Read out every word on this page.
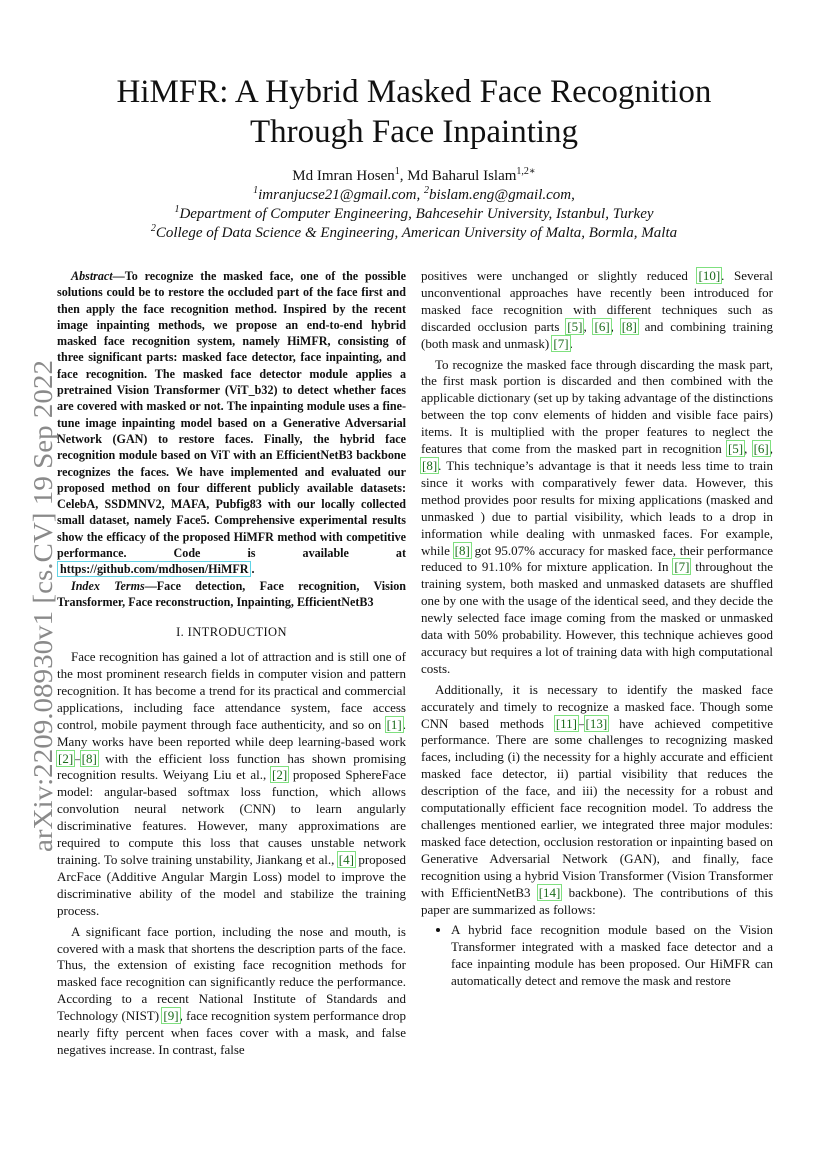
arXiv:2209.08930v1 [cs.CV] 19 Sep 2022
HiMFR: A Hybrid Masked Face Recognition
Through Face Inpainting
Md Imran Hosen$^1$, Md Baharul Islam$^{1,2∗}$
$^1$imranjucse21@gmail.com, $^2$bislam.eng@gmail.com,
$^1$Department of Computer Engineering, Bahcesehir University, Istanbul, Turkey
$^2$College of Data Science & Engineering, American University of Malta, Bormla, Malta

Abstract—To recognize the masked face, one of the possible solutions could be to restore the occluded part of the face first and then apply the face recognition method. Inspired by the recent image inpainting methods, we propose an end-to-end hybrid masked face recognition system, namely HiMFR, consisting of three significant parts: masked face detector, face inpainting, and face recognition. The masked face detector module applies a pretrained Vision Transformer (ViT_b32) to detect whether faces are covered with masked or not. The inpainting module uses a fine-tune image inpainting model based on a Generative Adversarial Network (GAN) to restore faces. Finally, the hybrid face recognition module based on ViT with an EfficientNetB3 backbone recognizes the faces. We have implemented and evaluated our proposed method on four different publicly available datasets: CelebA, SSDMNV2, MAFA, Pubfig83 with our locally collected small dataset, namely Face5. Comprehensive experimental results show the efficacy of the proposed HiMFR method with competitive performance. Code is available at https://github.com/mdhosen/HiMFR .

Index Terms—Face detection, Face recognition, Vision Transformer, Face reconstruction, Inpainting, EfficientNetB3

I. INTRODUCTION

Face recognition has gained a lot of attraction and is still one of the most prominent research fields in computer vision and pattern recognition. It has become a trend for its practical and commercial applications, including face attendance system, face access control, mobile payment through face authenticity, and so on [1]. Many works have been reported while deep learning-based work [2]–[8] with the efficient loss function has shown promising recognition results. Weiyang Liu et al., [2] proposed SphereFace model: angular-based softmax loss function, which allows convolution neural network (CNN) to learn angularly discriminative features. However, many approximations are required to compute this loss that causes unstable network training. To solve training unstability, Jiankang et al., [4] proposed ArcFace (Additive Angular Margin Loss) model to improve the discriminative ability of the model and stabilize the training process.

A significant face portion, including the nose and mouth, is covered with a mask that shortens the description parts of the face. Thus, the extension of existing face recognition methods for masked face recognition can significantly reduce the performance. According to a recent National Institute of Standards and Technology (NIST) [9], face recognition system performance drop nearly fifty percent when faces cover with a mask, and false negatives increase. In contrast, false

positives were unchanged or slightly reduced [10]. Several unconventional approaches have recently been introduced for masked face recognition with different techniques such as discarded occlusion parts [5], [6], [8] and combining training (both mask and unmask) [7].

To recognize the masked face through discarding the mask part, the first mask portion is discarded and then combined with the applicable dictionary (set up by taking advantage of the distinctions between the top conv elements of hidden and visible face pairs) items. It is multiplied with the proper features to neglect the features that come from the masked part in recognition [5], [6], [8]. This technique’s advantage is that it needs less time to train since it works with comparatively fewer data. However, this method provides poor results for mixing applications (masked and unmasked ) due to partial visibility, which leads to a drop in information while dealing with unmasked faces. For example, while [8] got 95.07% accuracy for masked face, their performance reduced to 91.10% for mixture application. In [7] throughout the training system, both masked and unmasked datasets are shuffled one by one with the usage of the identical seed, and they decide the newly selected face image coming from the masked or unmasked data with 50% probability. However, this technique achieves good accuracy but requires a lot of training data with high computational costs.

Additionally, it is necessary to identify the masked face accurately and timely to recognize a masked face. Though some CNN based methods [11]–[13] have achieved competitive performance. There are some challenges to recognizing masked faces, including (i) the necessity for a highly accurate and efficient masked face detector, ii) partial visibility that reduces the description of the face, and iii) the necessity for a robust and computationally efficient face recognition model. To address the challenges mentioned earlier, we integrated three major modules: masked face detection, occlusion restoration or inpainting based on Generative Adversarial Network (GAN), and finally, face recognition using a hybrid Vision Transformer (Vision Transformer with EfficientNetB3 [14] backbone). The contributions of this paper are summarized as follows:

• A hybrid face recognition module based on the Vision Transformer integrated with a masked face detector and a face inpainting module has been proposed. Our HiMFR can automatically detect and remove the mask and restore
